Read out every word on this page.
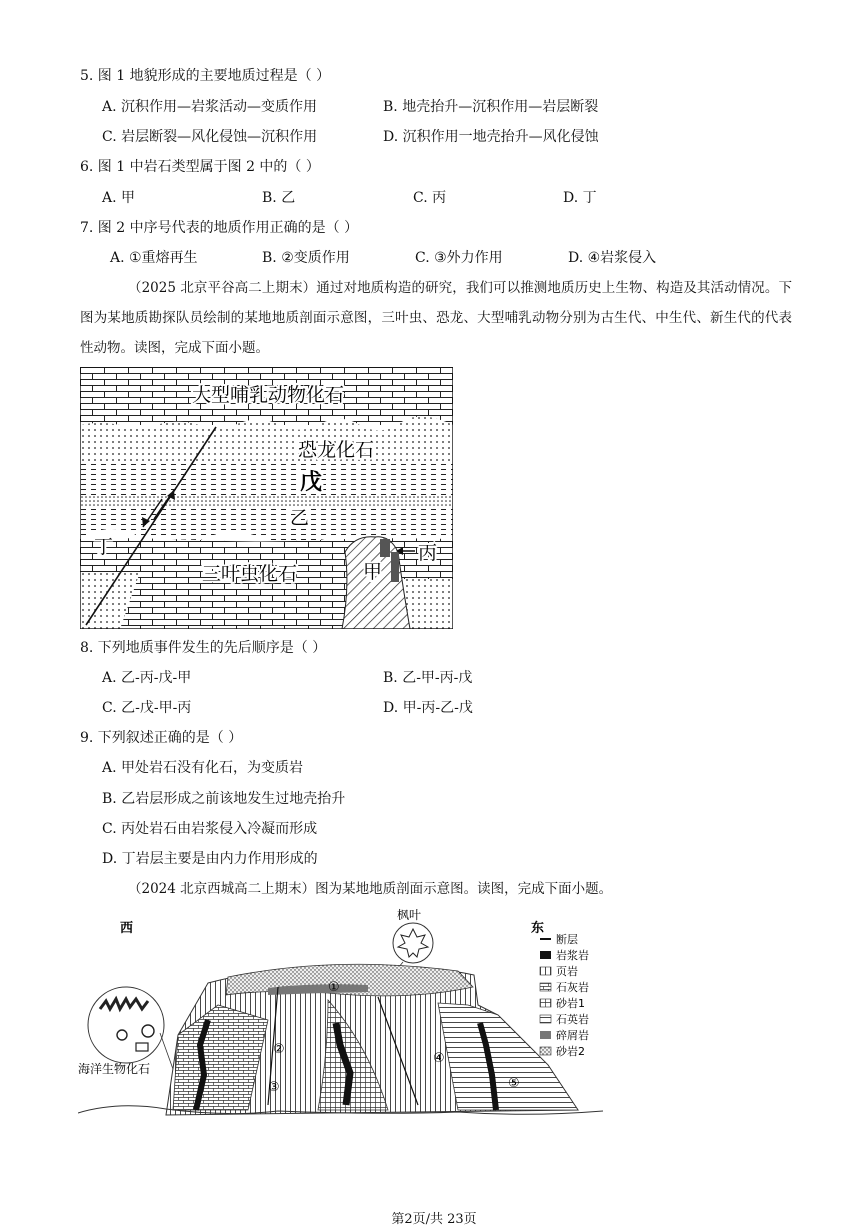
5. 图 1 地貌形成的主要地质过程是（ ）
A. 沉积作用—岩浆活动—变质作用	B. 地壳抬升—沉积作用—岩层断裂
C. 岩层断裂—风化侵蚀—沉积作用	D. 沉积作用一地壳抬升—风化侵蚀
6. 图 1 中岩石类型属于图 2 中的（ ）
A. 甲	B. 乙	C. 丙	D. 丁
7. 图 2 中序号代表的地质作用正确的是（ ）
A. ①重熔再生	B. ②变质作用	C. ③外力作用	D. ④岩浆侵入

（2025 北京平谷高二上期末）通过对地质构造的研究，我们可以推测地质历史上生物、构造及其活动情况。下图为某地质勘探队员绘制的某地地质剖面示意图，三叶虫、恐龙、大型哺乳动物分别为古生代、中生代、新生代的代表性动物。读图，完成下面小题。

大型哺乳动物化石
恐龙化石
戊
乙
丁
三叶虫化石	甲
丙
8. 下列地质事件发生的先后顺序是（ ）
A. 乙-丙-戊-甲	B. 乙-甲-丙-戊
C. 乙-戊-甲-丙	D. 甲-丙-乙-戊
9. 下列叙述正确的是（ ）
A. 甲处岩石没有化石，为变质岩
B. 乙岩层形成之前该地发生过地壳抬升
C. 丙处岩石由岩浆侵入冷凝而形成
D. 丁岩层主要是由内力作用形成的
（2024 北京西城高二上期末）图为某地地质剖面示意图。读图，完成下面小题。
西	东
枫叶
海洋生物化石
①
②
③
④
⑤
断层
岩浆岩
页岩
石灰岩
砂岩1
石英岩
碎屑岩
砂岩2
第2页/共 23页
